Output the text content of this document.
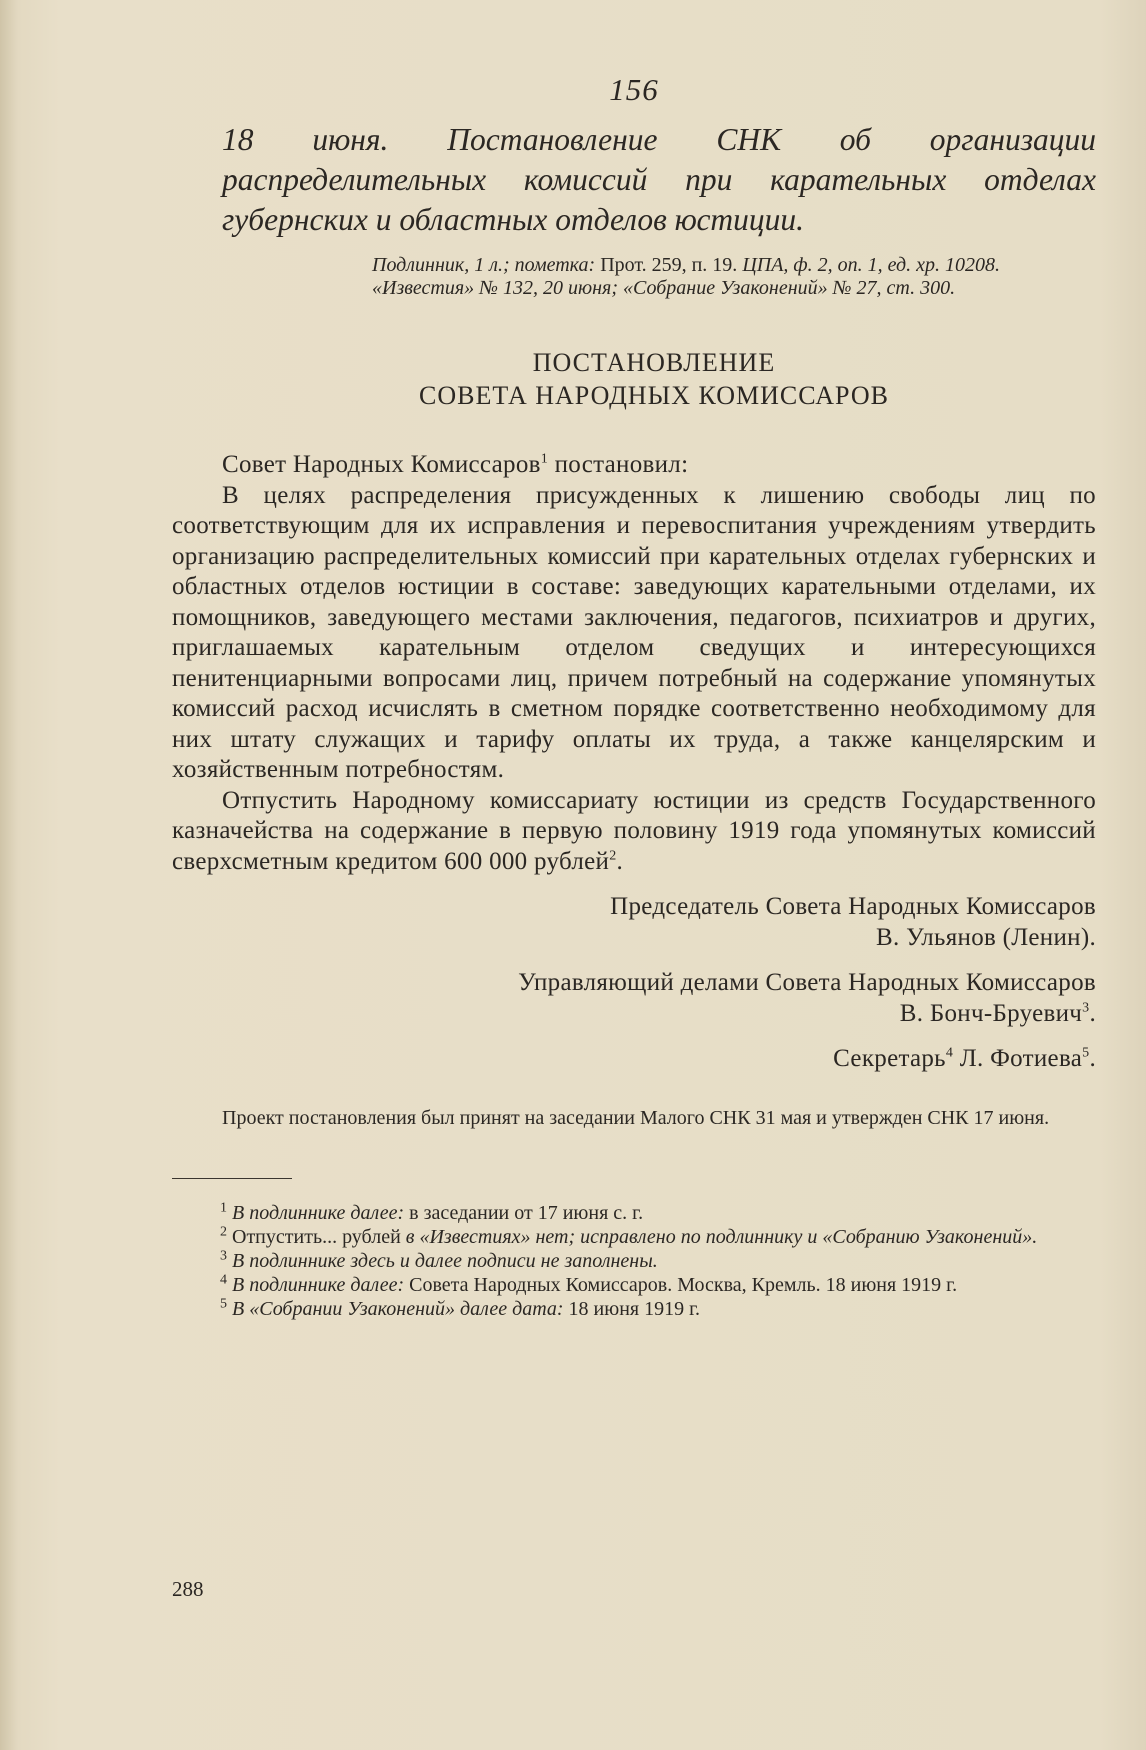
156

18 июня. Постановление СНК об организации распределительных комиссий при карательных отделах губернских и областных отделов юстиции.

Подлинник, 1 л.; пометка: Прот. 259, п. 19. ЦПА, ф. 2, оп. 1, ед. хр. 10208.
«Известия» № 132, 20 июня; «Собрание Узаконений» № 27, ст. 300.
ПОСТАНОВЛЕНИЕ
СОВЕТА НАРОДНЫХ КОМИССАРОВ

Совет Народных Комиссаров$^1$ постановил:

В целях распределения присужденных к лишению свободы лиц по соответствующим для их исправления и перевоспитания учреждениям утвердить организацию распределительных комиссий при карательных отделах губернских и областных отделов юстиции в составе: заведующих карательными отделами, их помощников, заведующего местами заключения, педагогов, психиатров и других, приглашаемых карательным отделом сведущих и интересующихся пенитенциарными вопросами лиц, причем потребный на содержание упомянутых комиссий расход исчислять в сметном порядке соответственно необходимому для них штату служащих и тарифу оплаты их труда, а также канцелярским и хозяйственным потребностям.

Отпустить Народному комиссариату юстиции из средств Государственного казначейства на содержание в первую половину 1919 года упомянутых комиссий сверхсметным кредитом 600 000 рублей$^2$.

Председатель Совета Народных Комиссаров

В. Ульянов (Ленин).

Управляющий делами Совета Народных Комиссаров

В. Бонч-Бруевич$^3$.

Секретарь$^4$ Л. Фотиева$^5$.

Проект постановления был принят на заседании Малого СНК 31 мая и утвержден СНК 17 июня.

$^1$ В подлиннике далее: в заседании от 17 июня с. г.

$^2$ Отпустить... рублей в «Известиях» нет; исправлено по подлиннику и «Собранию Узаконений».

$^3$ В подлиннике здесь и далее подписи не заполнены.

$^4$ В подлиннике далее: Совета Народных Комиссаров. Москва, Кремль. 18 июня 1919 г.

$^5$ В «Собрании Узаконений» далее дата: 18 июня 1919 г.

288
